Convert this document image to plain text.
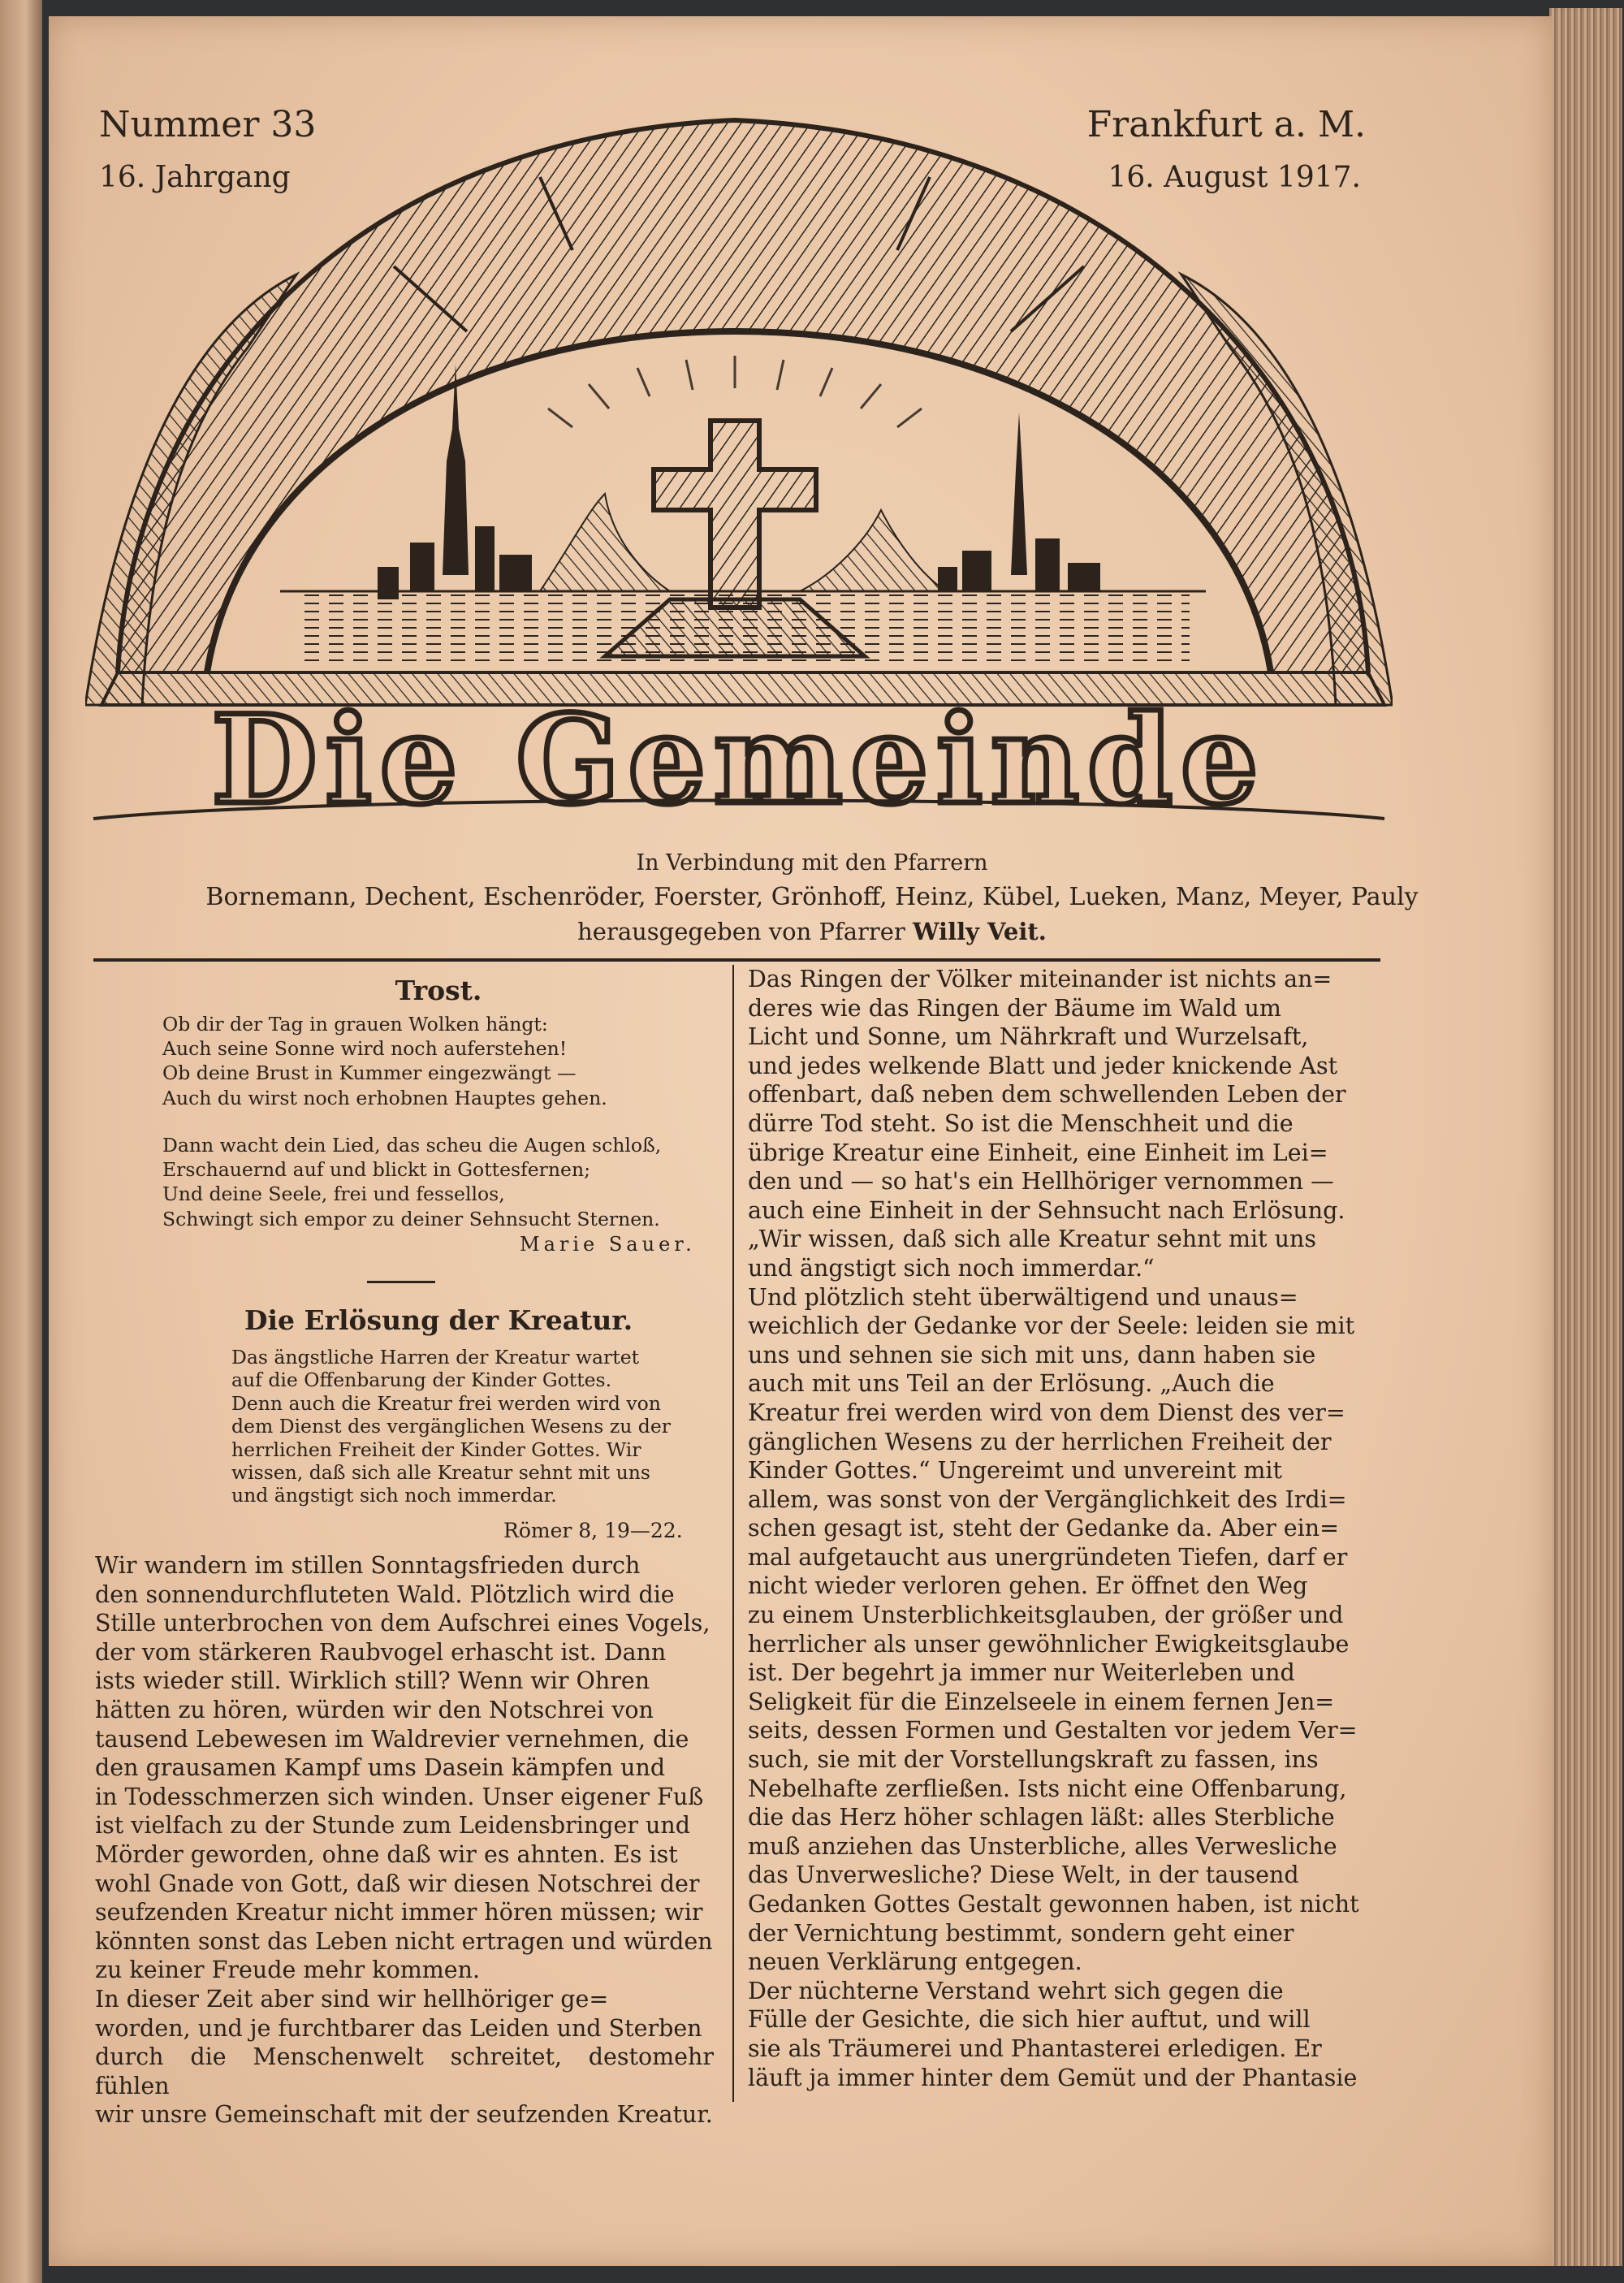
Nummer 33
16. Jahrgang
Frankfurt a. M.
16. August 1917.
Die Gemeinde
In Verbindung mit den Pfarrern
Bornemann, Dechent, Eschenröder, Foerster, Grönhoff, Heinz, Kübel, Lueken, Manz, Meyer, Pauly
herausgegeben von Pfarrer Willy Veit.
Trost.
Ob dir der Tag in grauen Wolken hängt:
Auch seine Sonne wird noch auferstehen!
Ob deine Brust in Kummer eingezwängt —
Auch du wirst noch erhobnen Hauptes gehen.
Dann wacht dein Lied, das scheu die Augen schloß,
Erschauernd auf und blickt in Gottesfernen;
Und deine Seele, frei und fessellos,
Schwingt sich empor zu deiner Sehnsucht Sternen.
Marie Sauer.
Die Erlösung der Kreatur.
Das ängstliche Harren der Kreatur wartet
auf die Offenbarung der Kinder Gottes.
Denn auch die Kreatur frei werden wird von
dem Dienst des vergänglichen Wesens zu der
herrlichen Freiheit der Kinder Gottes. Wir
wissen, daß sich alle Kreatur sehnt mit uns
und ängstigt sich noch immerdar.
Römer 8, 19—22.
Wir wandern im stillen Sonntagsfrieden durch
den sonnendurchfluteten Wald. Plötzlich wird die
Stille unterbrochen von dem Aufschrei eines Vogels,
der vom stärkeren Raubvogel erhascht ist. Dann
ists wieder still. Wirklich still? Wenn wir Ohren
hätten zu hören, würden wir den Notschrei von
tausend Lebewesen im Waldrevier vernehmen, die
den grausamen Kampf ums Dasein kämpfen und
in Todesschmerzen sich winden. Unser eigener Fuß
ist vielfach zu der Stunde zum Leidensbringer und
Mörder geworden, ohne daß wir es ahnten. Es ist
wohl Gnade von Gott, daß wir diesen Notschrei der
seufzenden Kreatur nicht immer hören müssen; wir
könnten sonst das Leben nicht ertragen und würden
zu keiner Freude mehr kommen.
In dieser Zeit aber sind wir hellhöriger ge=
worden, und je furchtbarer das Leiden und Sterben
durch die Menschenwelt schreitet, destomehr fühlen
wir unsre Gemeinschaft mit der seufzenden Kreatur.
Das Ringen der Völker miteinander ist nichts an=
deres wie das Ringen der Bäume im Wald um
Licht und Sonne, um Nährkraft und Wurzelsaft,
und jedes welkende Blatt und jeder knickende Ast
offenbart, daß neben dem schwellenden Leben der
dürre Tod steht. So ist die Menschheit und die
übrige Kreatur eine Einheit, eine Einheit im Lei=
den und — so hat's ein Hellhöriger vernommen —
auch eine Einheit in der Sehnsucht nach Erlösung.
„Wir wissen, daß sich alle Kreatur sehnt mit uns
und ängstigt sich noch immerdar.“
Und plötzlich steht überwältigend und unaus=
weichlich der Gedanke vor der Seele: leiden sie mit
uns und sehnen sie sich mit uns, dann haben sie
auch mit uns Teil an der Erlösung. „Auch die
Kreatur frei werden wird von dem Dienst des ver=
gänglichen Wesens zu der herrlichen Freiheit der
Kinder Gottes.“ Ungereimt und unvereint mit
allem, was sonst von der Vergänglichkeit des Irdi=
schen gesagt ist, steht der Gedanke da. Aber ein=
mal aufgetaucht aus unergründeten Tiefen, darf er
nicht wieder verloren gehen. Er öffnet den Weg
zu einem Unsterblichkeitsglauben, der größer und
herrlicher als unser gewöhnlicher Ewigkeitsglaube
ist. Der begehrt ja immer nur Weiterleben und
Seligkeit für die Einzelseele in einem fernen Jen=
seits, dessen Formen und Gestalten vor jedem Ver=
such, sie mit der Vorstellungskraft zu fassen, ins
Nebelhafte zerfließen. Ists nicht eine Offenbarung,
die das Herz höher schlagen läßt: alles Sterbliche
muß anziehen das Unsterbliche, alles Verwesliche
das Unverwesliche? Diese Welt, in der tausend
Gedanken Gottes Gestalt gewonnen haben, ist nicht
der Vernichtung bestimmt, sondern geht einer
neuen Verklärung entgegen.
Der nüchterne Verstand wehrt sich gegen die
Fülle der Gesichte, die sich hier auftut, und will
sie als Träumerei und Phantasterei erledigen. Er
läuft ja immer hinter dem Gemüt und der Phantasie
